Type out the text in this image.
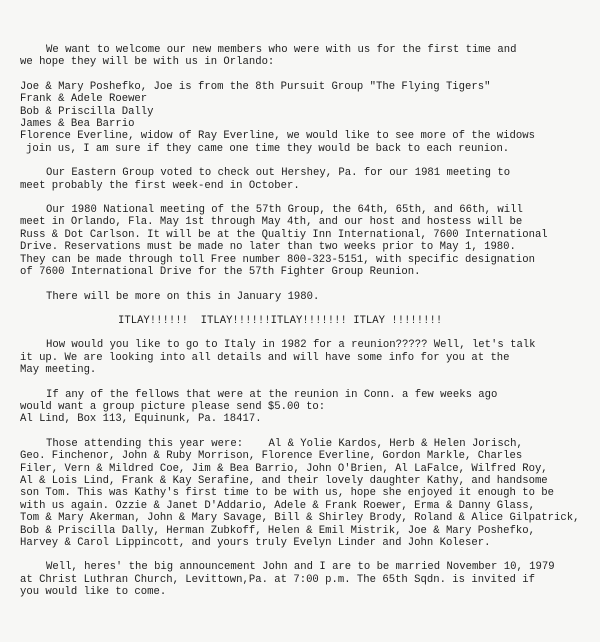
We want to welcome our new members who were with us for the first time and
we hope they will be with us in Orlando:
Joe & Mary Poshefko, Joe is from the 8th Pursuit Group "The Flying Tigers"
Frank & Adele Roewer
Bob & Priscilla Dally
James & Bea Barrio
Florence Everline, widow of Ray Everline, we would like to see more of the widows
join us, I am sure if they came one time they would be back to each reunion.
Our Eastern Group voted to check out Hershey, Pa. for our 1981 meeting to
meet probably the first week-end in October.
Our 1980 National meeting of the 57th Group, the 64th, 65th, and 66th, will
meet in Orlando, Fla. May 1st through May 4th, and our host and hostess will be
Russ & Dot Carlson. It will be at the Qualtiy Inn International, 7600 International
Drive. Reservations must be made no later than two weeks prior to May 1, 1980.
They can be made through toll Free number 800-323-5151, with specific designation
of 7600 International Drive for the 57th Fighter Group Reunion.
There will be more on this in January 1980.
ITLAY!!!!!!  ITLAY!!!!!!ITLAY!!!!!!! ITLAY !!!!!!!!
How would you like to go to Italy in 1982 for a reunion????? Well, let's talk
it up. We are looking into all details and will have some info for you at the
May meeting.
If any of the fellows that were at the reunion in Conn. a few weeks ago
would want a group picture please send $5.00 to:
Al Lind, Box 113, Equinunk, Pa. 18417.
Those attending this year were:    Al & Yolie Kardos, Herb & Helen Jorisch,
Geo. Finchenor, John & Ruby Morrison, Florence Everline, Gordon Markle, Charles
Filer, Vern & Mildred Coe, Jim & Bea Barrio, John O'Brien, Al LaFalce, Wilfred Roy,
Al & Lois Lind, Frank & Kay Serafine, and their lovely daughter Kathy, and handsome
son Tom. This was Kathy's first time to be with us, hope she enjoyed it enough to be
with us again. Ozzie & Janet D'Addario, Adele & Frank Roewer, Erma & Danny Glass,
Tom & Mary Akerman, John & Mary Savage, Bill & Shirley Brody, Roland & Alice Gilpatrick,
Bob & Priscilla Dally, Herman Zubkoff, Helen & Emil Mistrik, Joe & Mary Poshefko,
Harvey & Carol Lippincott, and yours truly Evelyn Linder and John Koleser.
Well, heres' the big announcement John and I are to be married November 10, 1979
at Christ Luthran Church, Levittown,Pa. at 7:00 p.m. The 65th Sqdn. is invited if
you would like to come.
